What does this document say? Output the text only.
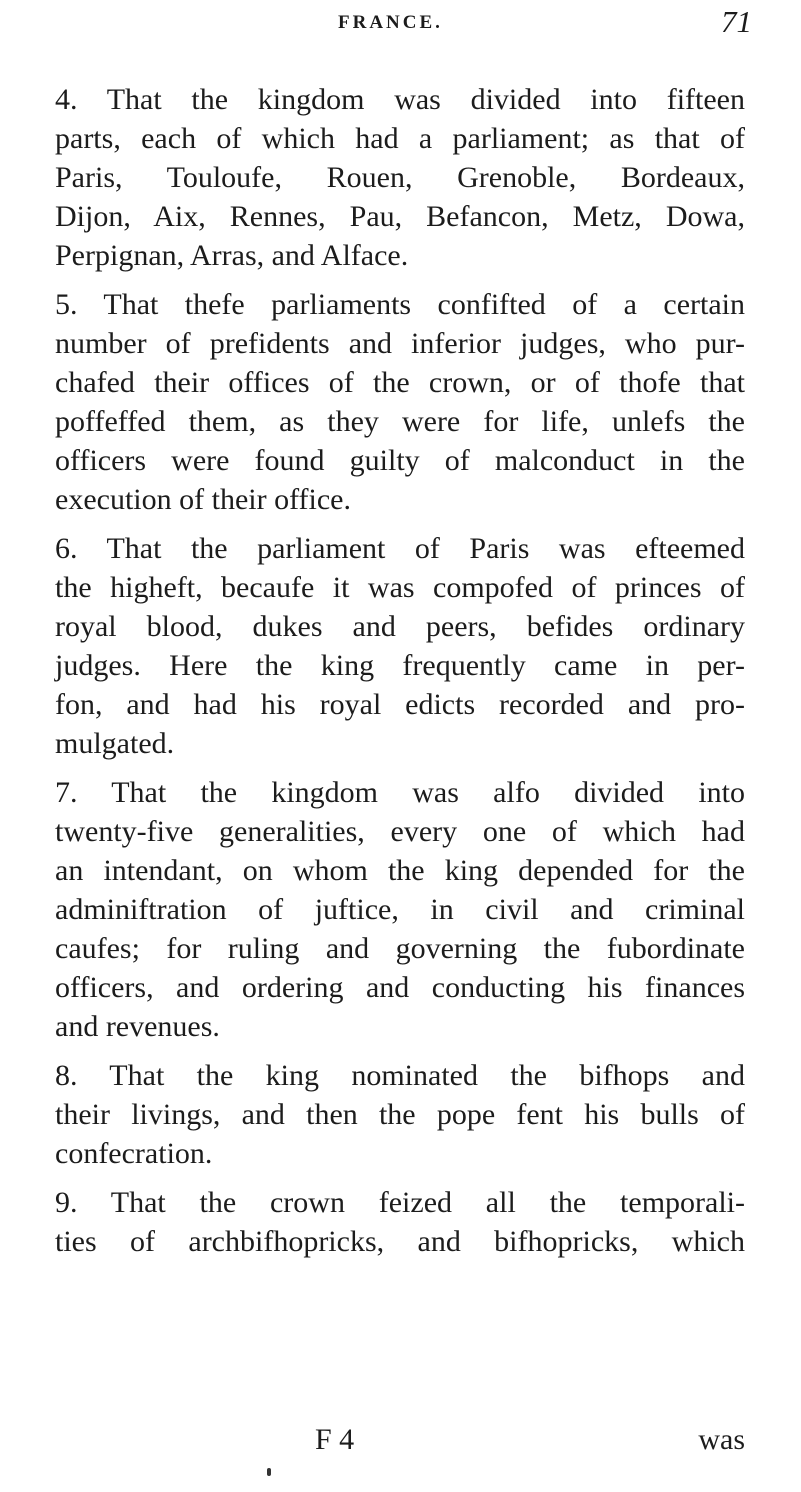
FRANCE.	71
4. That the kingdom was divided into fifteen
parts, each of which had a parliament; as that of
Paris, Touloufe, Rouen, Grenoble, Bordeaux,
Dijon, Aix, Rennes, Pau, Befancon, Metz, Dowa,
Perpignan, Arras, and Alface.
5. That thefe parliaments confifted of a certain
number of prefidents and inferior judges, who pur-
chafed their offices of the crown, or of thofe that
poffeffed them, as they were for life, unlefs the
officers were found guilty of malconduct in the
execution of their office.
6. That the parliament of Paris was efteemed
the higheft, becaufe it was compofed of princes of
royal blood, dukes and peers, befides ordinary
judges. Here the king frequently came in per-
fon, and had his royal edicts recorded and pro-
mulgated.
7. That the kingdom was alfo divided into
twenty-five generalities, every one of which had
an intendant, on whom the king depended for the
adminiftration of juftice, in civil and criminal
caufes; for ruling and governing the fubordinate
officers, and ordering and conducting his finances
and revenues.
8. That the king nominated the bifhops and
their livings, and then the pope fent his bulls of
confecration.
9. That the crown feized all the temporali-
ties of archbifhopricks, and bifhopricks, which
F 4	was
